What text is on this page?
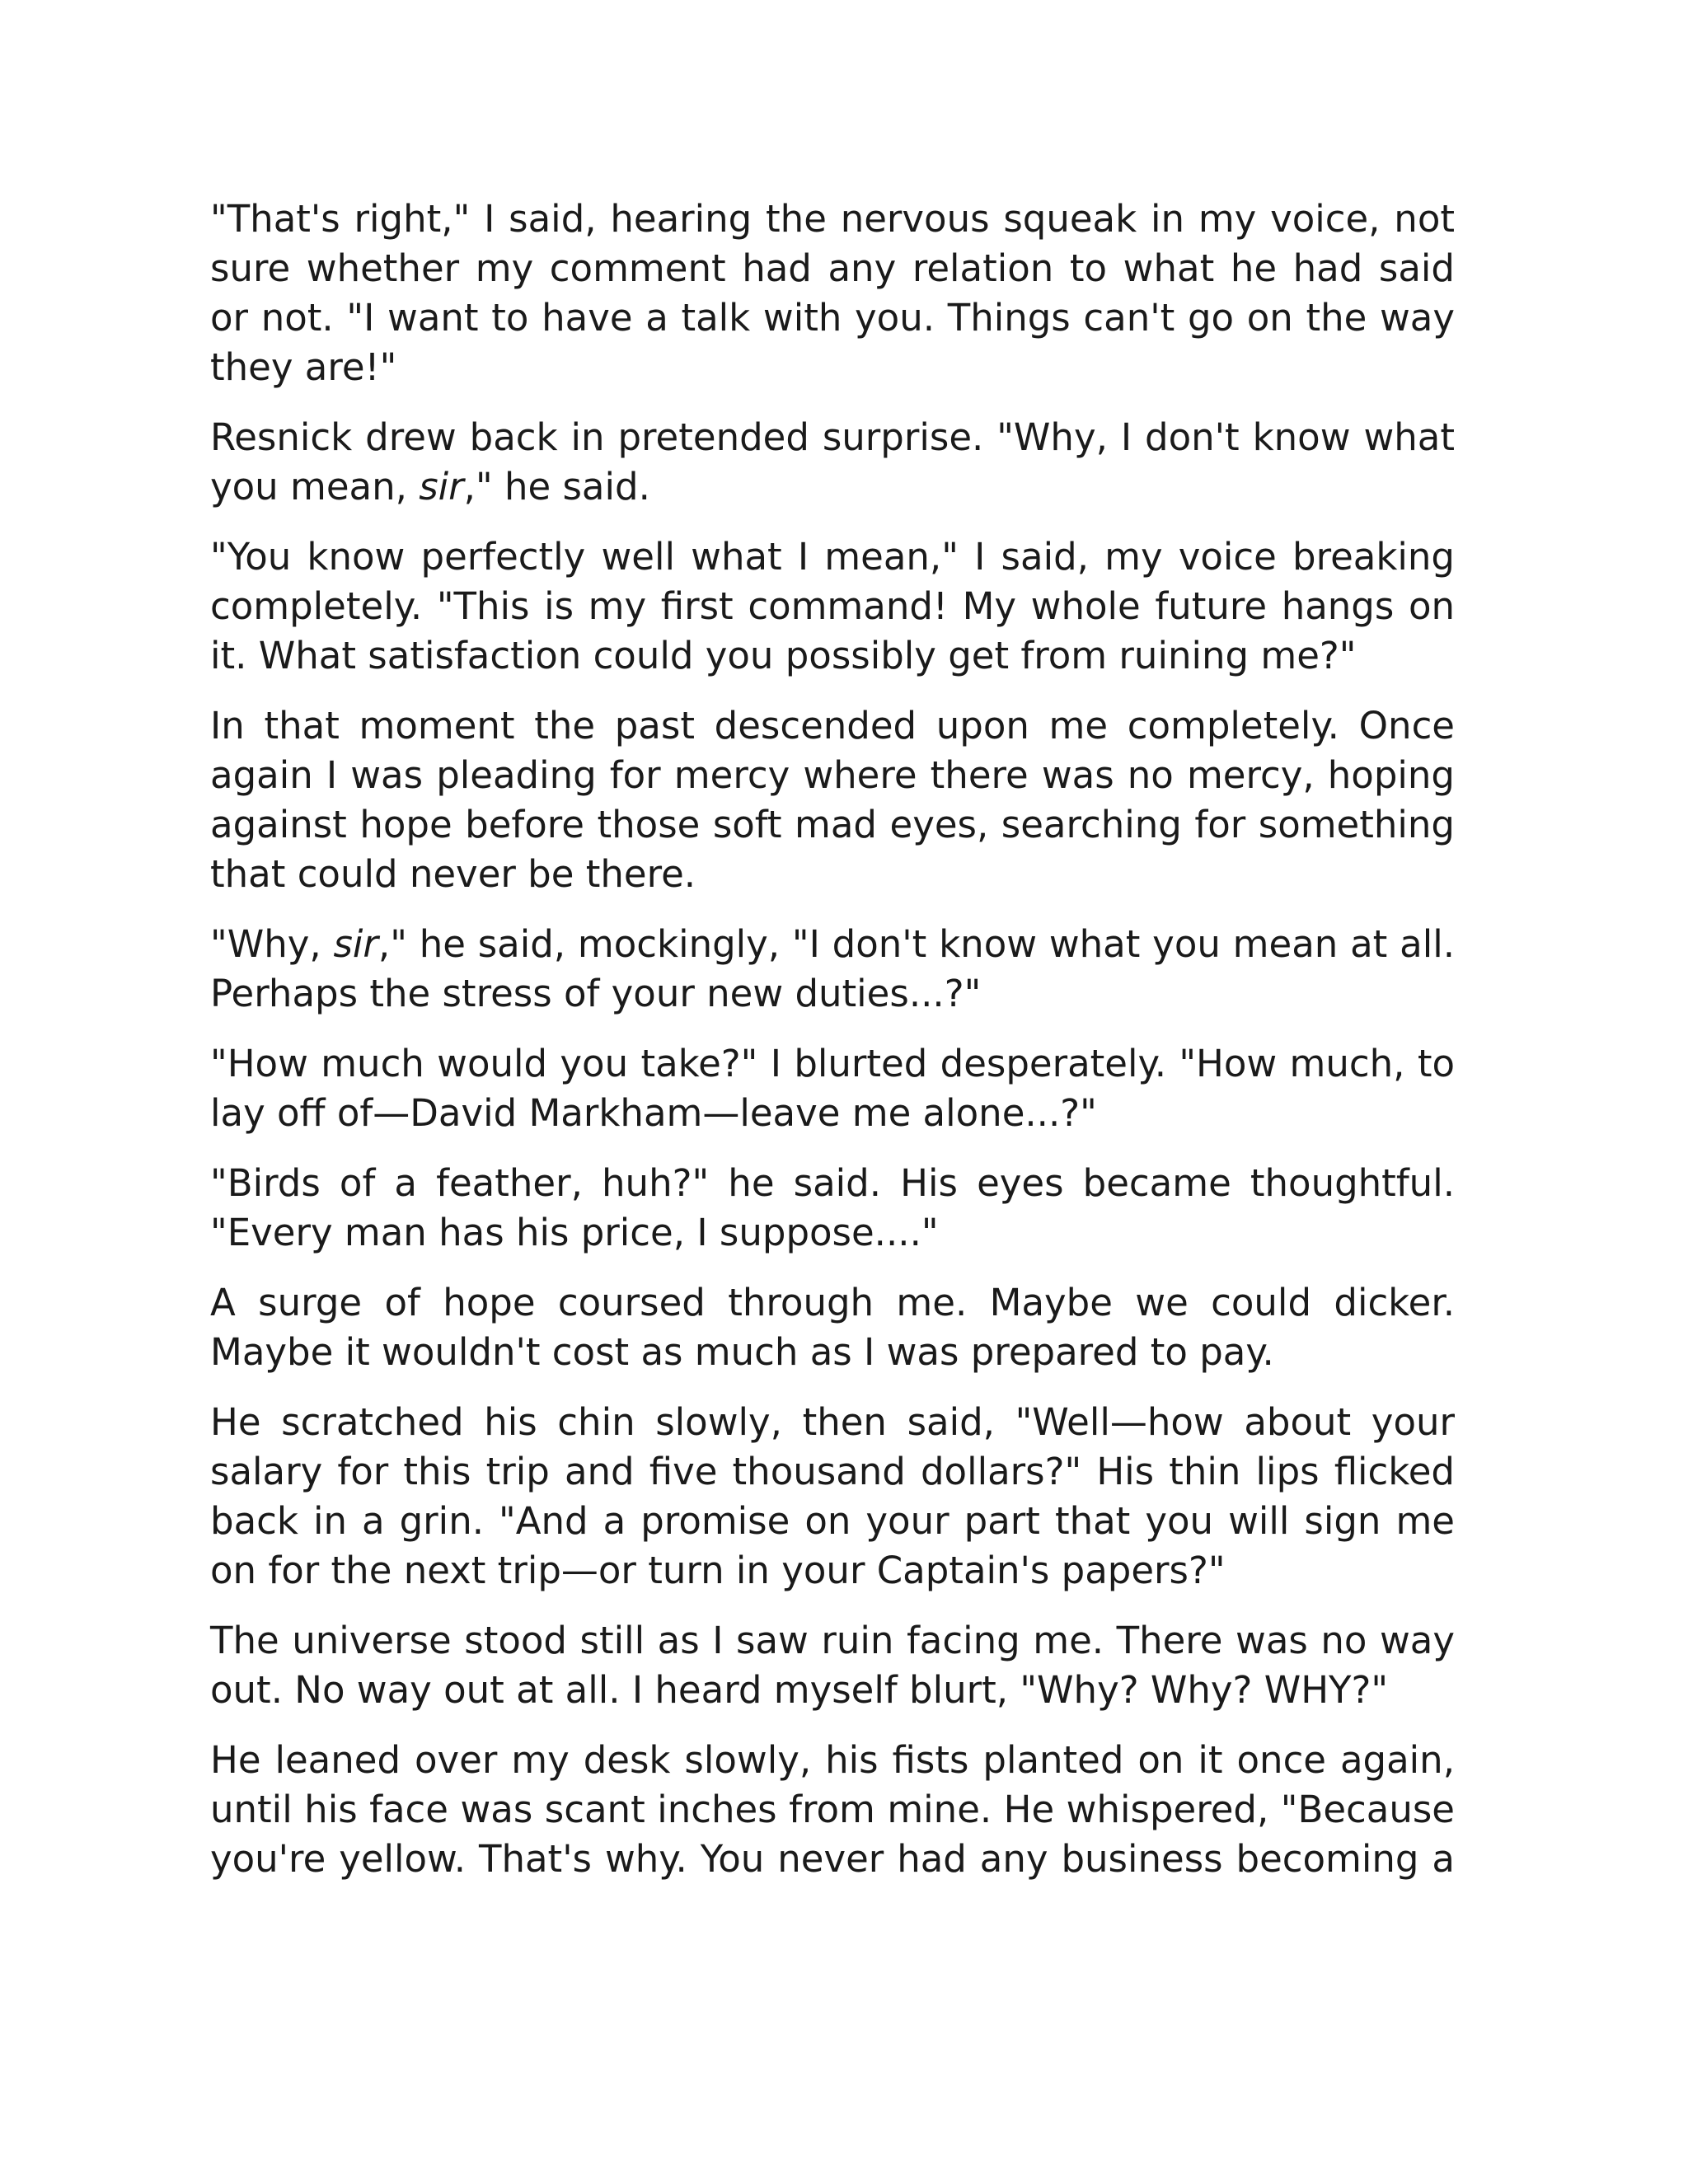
"That's right," I said, hearing the nervous squeak in my voice, not sure whether my comment had any relation to what he had said or not. "I want to have a talk with you. Things can't go on the way they are!"

Resnick drew back in pretended surprise. "Why, I don't know what you mean, sir," he said.

"You know perfectly well what I mean," I said, my voice breaking completely. "This is my first command! My whole future hangs on it. What satisfaction could you possibly get from ruining me?"

In that moment the past descended upon me completely. Once again I was pleading for mercy where there was no mercy, hoping against hope before those soft mad eyes, searching for something that could never be there.

"Why, sir," he said, mockingly, "I don't know what you mean at all. Perhaps the stress of your new duties...?"

"How much would you take?" I blurted desperately. "How much, to lay off of—David Markham—leave me alone...?"

"Birds of a feather, huh?" he said. His eyes became thoughtful. "Every man has his price, I suppose...."

A surge of hope coursed through me. Maybe we could dicker. Maybe it wouldn't cost as much as I was prepared to pay.

He scratched his chin slowly, then said, "Well—how about your salary for this trip and five thousand dollars?" His thin lips flicked back in a grin. "And a promise on your part that you will sign me on for the next trip—or turn in your Captain's papers?"

The universe stood still as I saw ruin facing me. There was no way out. No way out at all. I heard myself blurt, "Why? Why? WHY?"

He leaned over my desk slowly, his fists planted on it once again, until his face was scant inches from mine. He whispered, "Because you're yellow. That's why. You never had any business becoming a
